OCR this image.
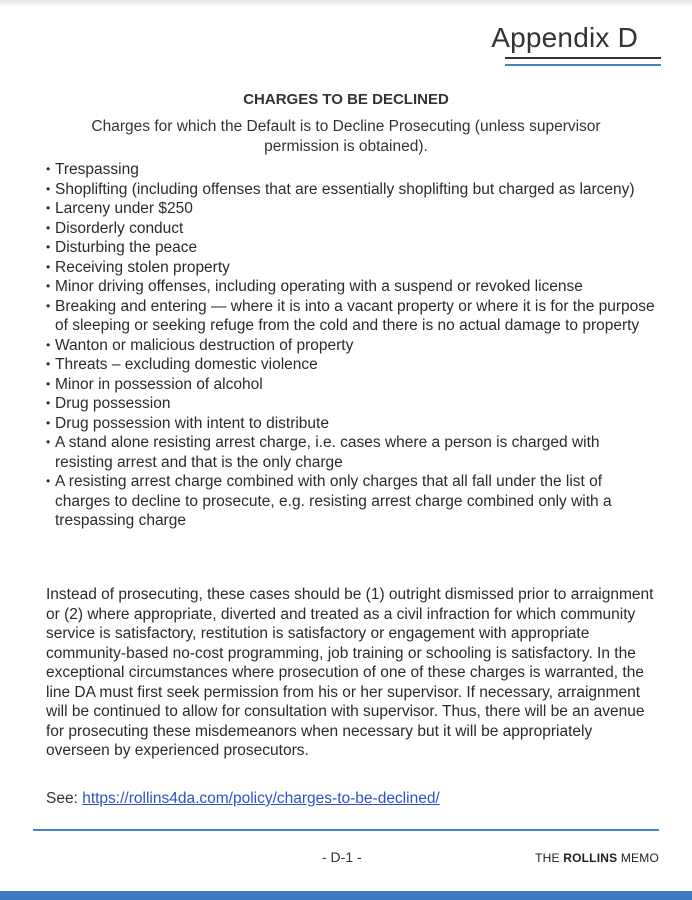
Appendix D
CHARGES TO BE DECLINED
Charges for which the Default is to Decline Prosecuting (unless supervisor permission is obtained).
• Trespassing
• Shoplifting (including offenses that are essentially shoplifting but charged as larceny)
• Larceny under $250
• Disorderly conduct
• Disturbing the peace
• Receiving stolen property
• Minor driving offenses, including operating with a suspend or revoked license
• Breaking and entering — where it is into a vacant property or where it is for the purpose of sleeping or seeking refuge from the cold and there is no actual damage to property
• Wanton or malicious destruction of property
• Threats – excluding domestic violence
• Minor in possession of alcohol
• Drug possession
• Drug possession with intent to distribute
• A stand alone resisting arrest charge, i.e. cases where a person is charged with resisting arrest and that is the only charge
• A resisting arrest charge combined with only charges that all fall under the list of charges to decline to prosecute, e.g. resisting arrest charge combined only with a trespassing charge
Instead of prosecuting, these cases should be (1) outright dismissed prior to arraignment or (2) where appropriate, diverted and treated as a civil infraction for which community service is satisfactory, restitution is satisfactory or engagement with appropriate community-based no-cost programming, job training or schooling is satisfactory. In the exceptional circumstances where prosecution of one of these charges is warranted, the line DA must first seek permission from his or her supervisor. If necessary, arraignment will be continued to allow for consultation with supervisor. Thus, there will be an avenue for prosecuting these misdemeanors when necessary but it will be appropriately overseen by experienced prosecutors.
See: https://rollins4da.com/policy/charges-to-be-declined/
- D-1 -	THE ROLLINS MEMO
